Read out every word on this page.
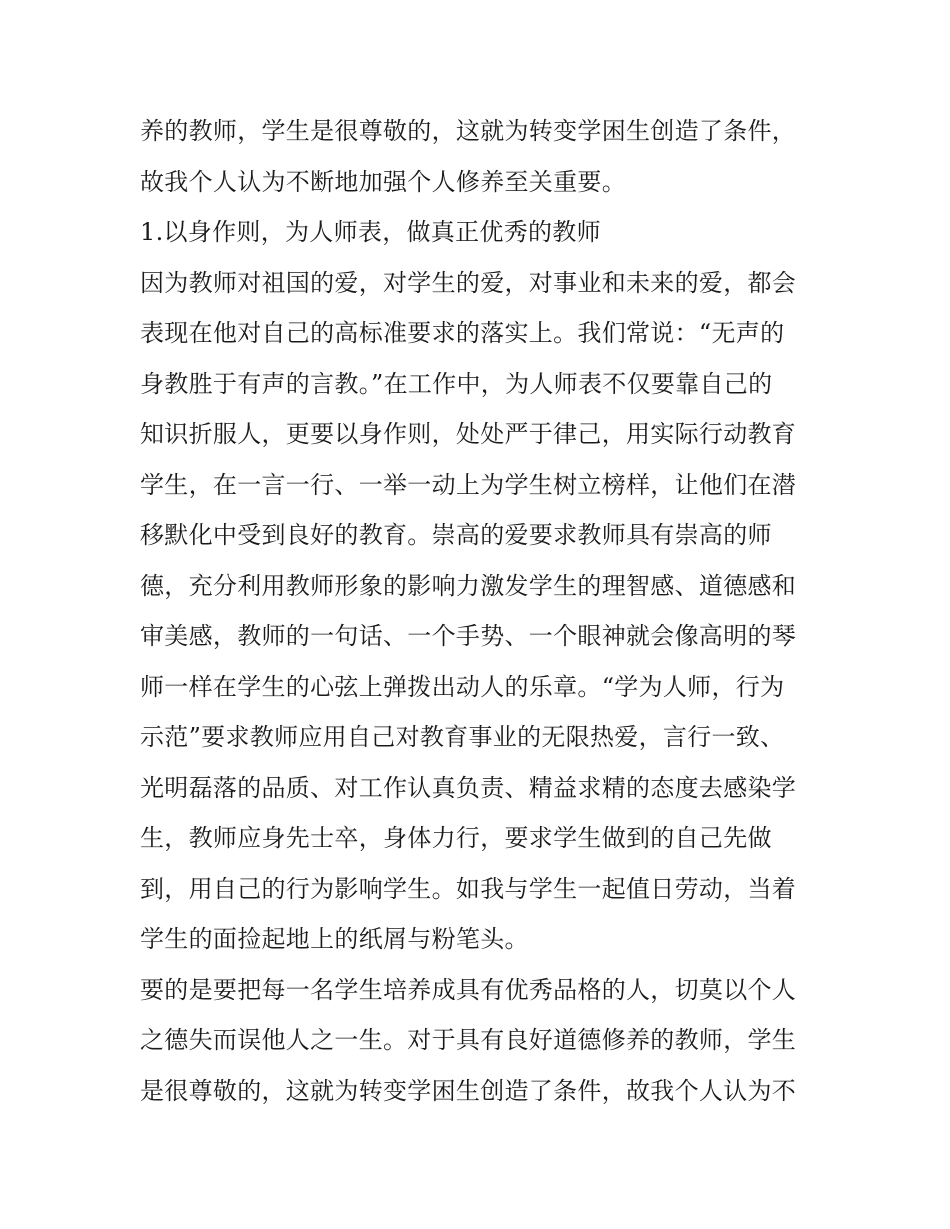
养的教师，学生是很尊敬的，这就为转变学困生创造了条件，
故我个人认为不断地加强个人修养至关重要。
1.以身作则，为人师表，做真正优秀的教师
因为教师对祖国的爱，对学生的爱，对事业和未来的爱，都会
表现在他对自己的高标准要求的落实上。我们常说：“无声的
身教胜于有声的言教。”在工作中，为人师表不仅要靠自己的
知识折服人，更要以身作则，处处严于律己，用实际行动教育
学生，在一言一行、一举一动上为学生树立榜样，让他们在潜
移默化中受到良好的教育。崇高的爱要求教师具有崇高的师
德，充分利用教师形象的影响力激发学生的理智感、道德感和
审美感，教师的一句话、一个手势、一个眼神就会像高明的琴
师一样在学生的心弦上弹拨出动人的乐章。“学为人师，行为
示范”要求教师应用自己对教育事业的无限热爱，言行一致、
光明磊落的品质、对工作认真负责、精益求精的态度去感染学
生，教师应身先士卒，身体力行，要求学生做到的自己先做
到，用自己的行为影响学生。如我与学生一起值日劳动，当着
学生的面捡起地上的纸屑与粉笔头。
要的是要把每一名学生培养成具有优秀品格的人，切莫以个人
之德失而误他人之一生。对于具有良好道德修养的教师，学生
是很尊敬的，这就为转变学困生创造了条件，故我个人认为不
